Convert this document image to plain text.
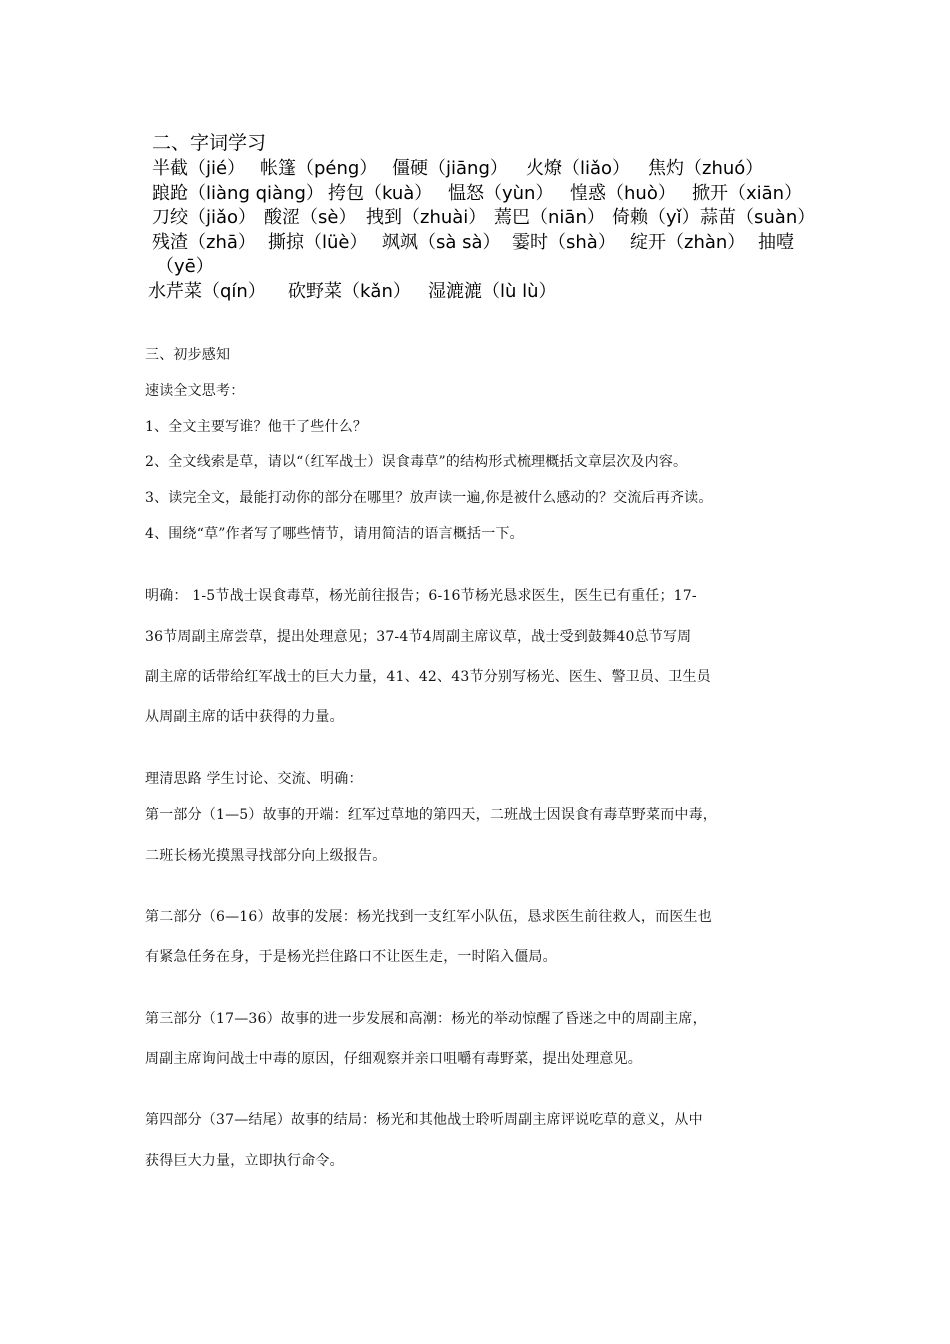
二、字词学习
半截（jié） 帐篷（péng） 僵硬（jiāng） 火燎（liǎo） 焦灼（zhuó）
踉跄（liàng qiàng） 挎包（kuà） 愠怒（yùn） 惶惑（huò） 掀开（xiān）
刀绞（jiǎo） 酸涩（sè） 拽到（zhuài） 蔫巴（niān） 倚赖（yǐ） 蒜苗（suàn）
残渣（zhā） 撕掠（lüè） 飒飒（sà sà） 霎时（shà） 绽开（zhàn） 抽噎
（yē）
水芹菜（qín） 砍野菜（kǎn） 湿漉漉（lù lù）
三、初步感知
速读全文思考：
1、全文主要写谁？他干了些什么？
2、全文线索是草，请以“（红军战士）误食毒草”的结构形式梳理概括文章层次及内容。
3、读完全文，最能打动你的部分在哪里？放声读一遍,你是被什么感动的？交流后再齐读。
4、围绕“草”作者写了哪些情节，请用简洁的语言概括一下。
明确： 1-5节战士误食毒草，杨光前往报告；6-16节杨光恳求医生，医生已有重任；17-
36节周副主席尝草，提出处理意见；37-4节4周副主席议草，战士受到鼓舞40总节写周
副主席的话带给红军战士的巨大力量，41、42、43节分别写杨光、医生、警卫员、卫生员
从周副主席的话中获得的力量。
理清思路 学生讨论、交流、明确：
第一部分（1—5）故事的开端：红军过草地的第四天，二班战士因误食有毒草野菜而中毒，
二班长杨光摸黑寻找部分向上级报告。
第二部分（6—16）故事的发展：杨光找到一支红军小队伍，恳求医生前往救人，而医生也
有紧急任务在身，于是杨光拦住路口不让医生走，一时陷入僵局。
第三部分（17—36）故事的进一步发展和高潮：杨光的举动惊醒了昏迷之中的周副主席，
周副主席询问战士中毒的原因，仔细观察并亲口咀嚼有毒野菜，提出处理意见。
第四部分（37—结尾）故事的结局：杨光和其他战士聆听周副主席评说吃草的意义，从中
获得巨大力量，立即执行命令。
